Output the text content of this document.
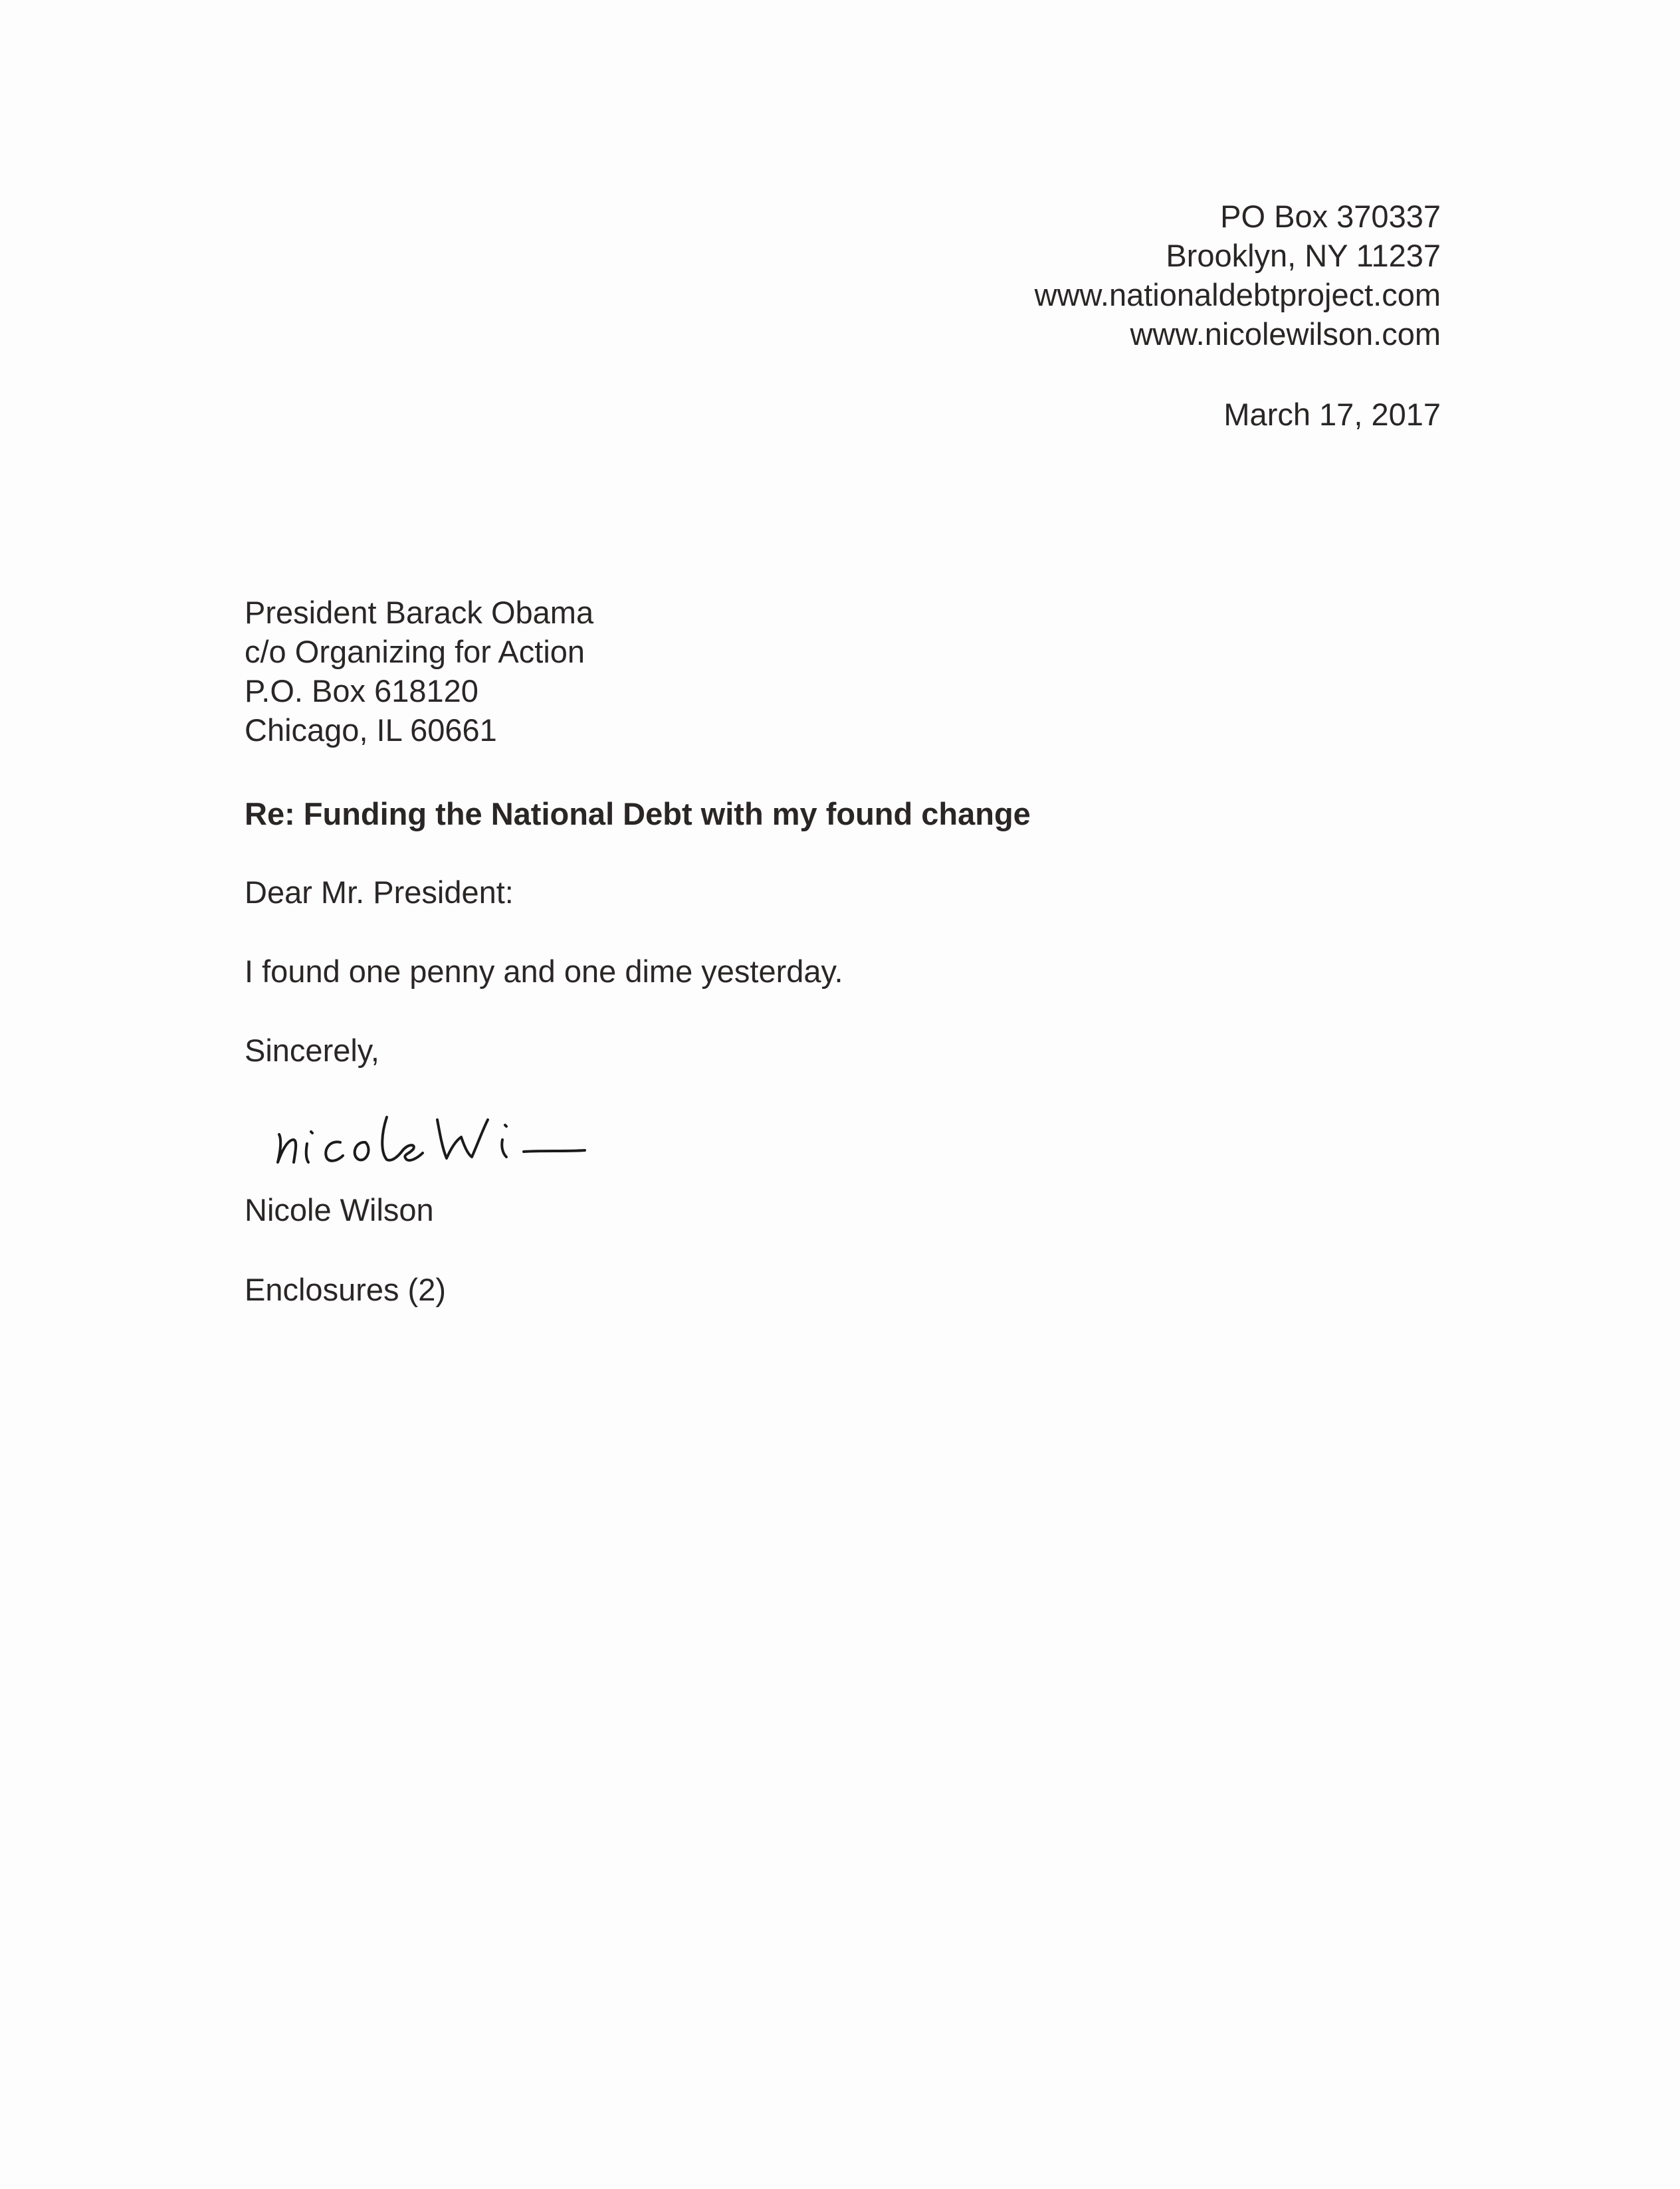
PO Box 370337
Brooklyn, NY 11237
www.nationaldebtproject.com
www.nicolewilson.com
March 17, 2017
President Barack Obama
c/o Organizing for Action
P.O. Box 618120
Chicago, IL 60661
Re: Funding the National Debt with my found change
Dear Mr. President:
I found one penny and one dime yesterday.
Sincerely,
Nicole Wilson
Enclosures (2)
